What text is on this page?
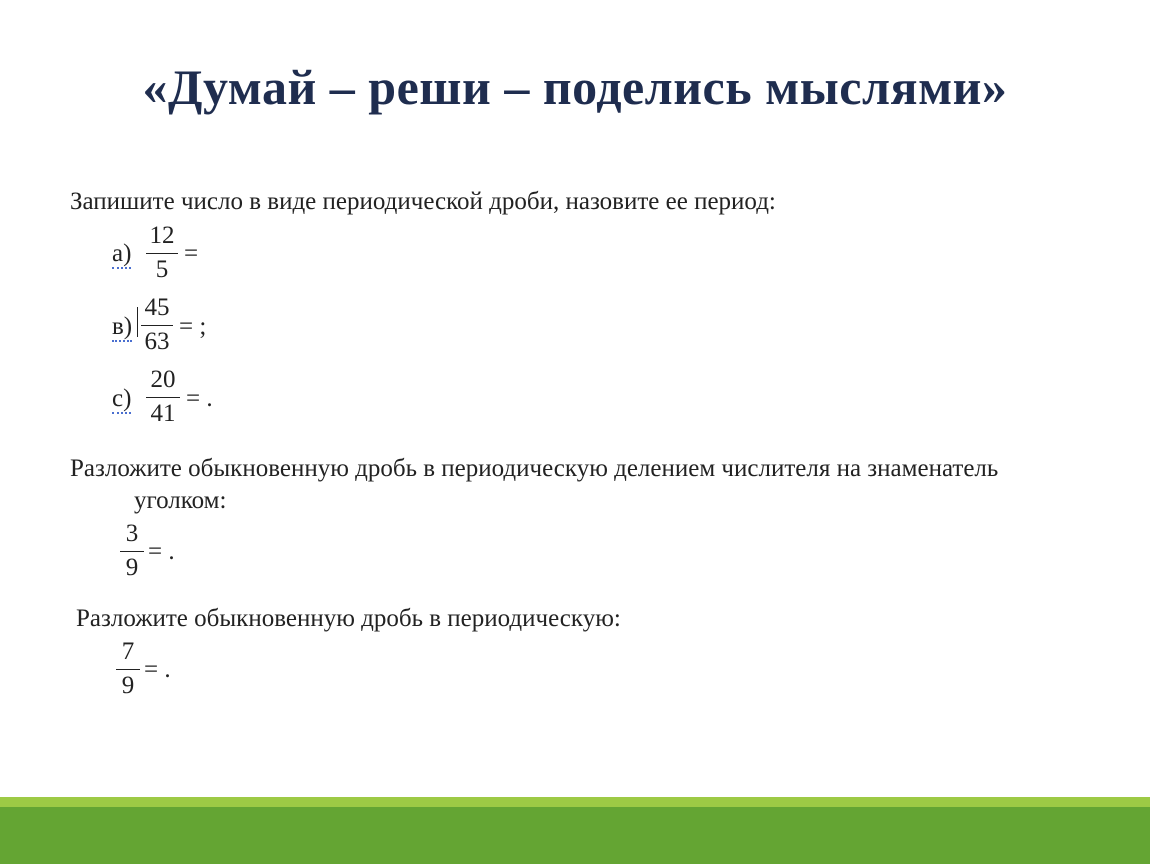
«Думай – реши – поделись мыслями»
Запишите число в виде периодической дроби, назовите ее период:
а)
12
5
=
в)
45
63
= ;
с)
20
41
= .
Разложите обыкновенную дробь в периодическую делением числителя на знаменатель
уголком:
3
9
= .
Разложите обыкновенную дробь в периодическую:
7
9
= .
